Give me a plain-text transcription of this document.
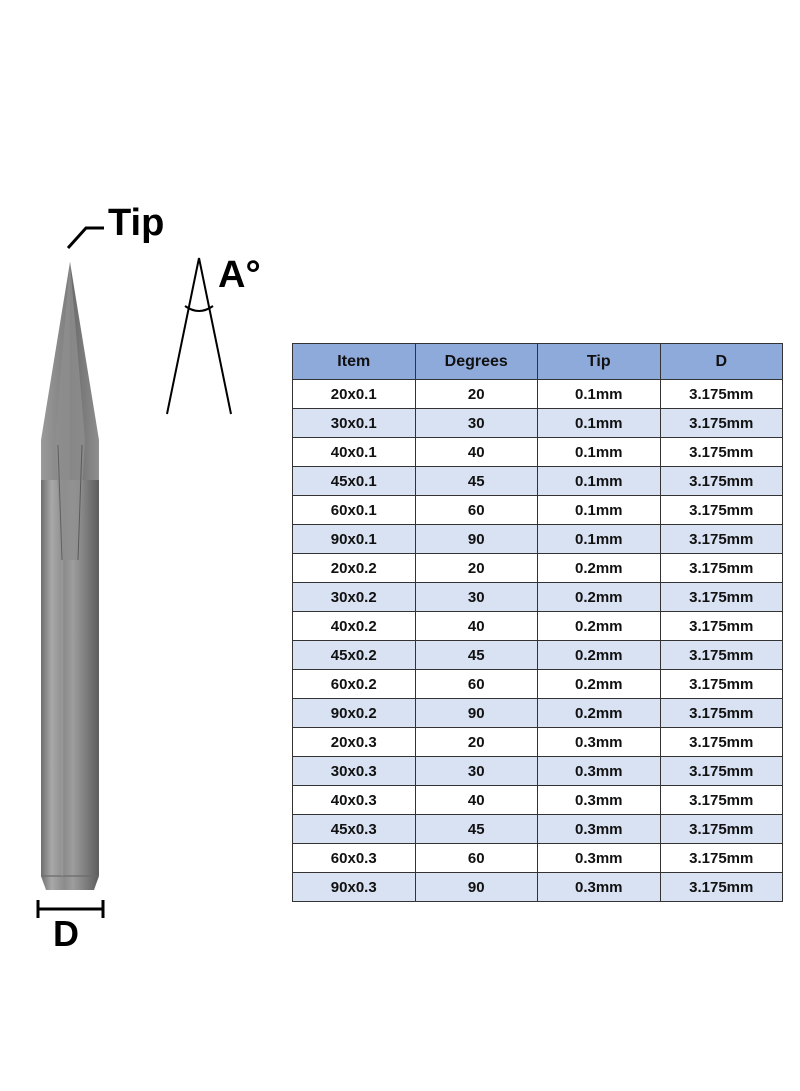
Tip
A°
D
Item	Degrees	Tip	D
20x0.1	20	0.1mm	3.175mm
30x0.1	30	0.1mm	3.175mm
40x0.1	40	0.1mm	3.175mm
45x0.1	45	0.1mm	3.175mm
60x0.1	60	0.1mm	3.175mm
90x0.1	90	0.1mm	3.175mm
20x0.2	20	0.2mm	3.175mm
30x0.2	30	0.2mm	3.175mm
40x0.2	40	0.2mm	3.175mm
45x0.2	45	0.2mm	3.175mm
60x0.2	60	0.2mm	3.175mm
90x0.2	90	0.2mm	3.175mm
20x0.3	20	0.3mm	3.175mm
30x0.3	30	0.3mm	3.175mm
40x0.3	40	0.3mm	3.175mm
45x0.3	45	0.3mm	3.175mm
60x0.3	60	0.3mm	3.175mm
90x0.3	90	0.3mm	3.175mm
